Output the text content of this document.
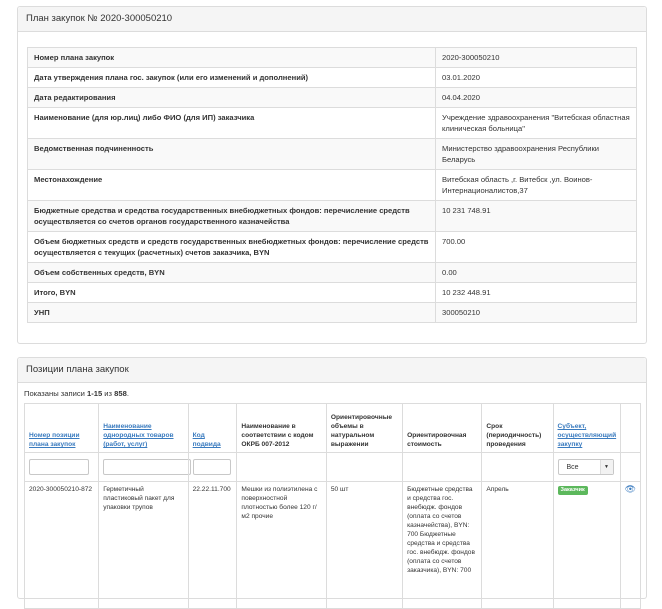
План закупок № 2020-300050210
Номер плана закупок	2020-300050210
Дата утверждения плана гос. закупок (или его изменений и дополнений)	03.01.2020
Дата редактирования	04.04.2020
Наименование (для юр.лиц) либо ФИО (для ИП) заказчика	Учреждение здравоохранения "Витебская областная клиническая больница"
Ведомственная подчиненность	Министерство здравоохранения Республики Беларусь
Местонахождение	Витебская область ,г. Витебск ,ул. Воинов-Интернационалистов,37
Бюджетные средства и средства государственных внебюджетных фондов: перечисление средств осуществляется со счетов органов государственного казначейства	10 231 748.91
Объем бюджетных средств и средств государственных внебюджетных фондов: перечисление средств осуществляется с текущих (расчетных) счетов заказчика, BYN	700.00
Объем собственных средств, BYN	0.00
Итого, BYN	10 232 448.91
УНП	300050210
Позиции плана закупок
Показаны записи 1-15 из 858.
Номер позиции плана закупок	Наименование однородных товаров (работ, услуг)	Код подвида	Наименование в соответствии с кодом ОКРБ 007-2012	Ориентировочные объемы в натуральном выражении	Ориентировочная стоимость	Срок (периодичность) проведения	Субъект, осуществляющий закупку	

							Все ▼	

2020-300050210-872	Герметичный пластиковый пакет для упаковки трупов	22.22.11.700	Мешки из полиэтилена с поверхностной плотностью более 120 г/м2 прочие	50 шт	Бюджетные средства и средства гос. внебюдж. фондов (оплата со счетов казначейства), BYN: 700 Бюджетные средства и средства гос. внебюдж. фондов (оплата со счетов заказчика), BYN: 700	Апрель	Заказчик	👁
